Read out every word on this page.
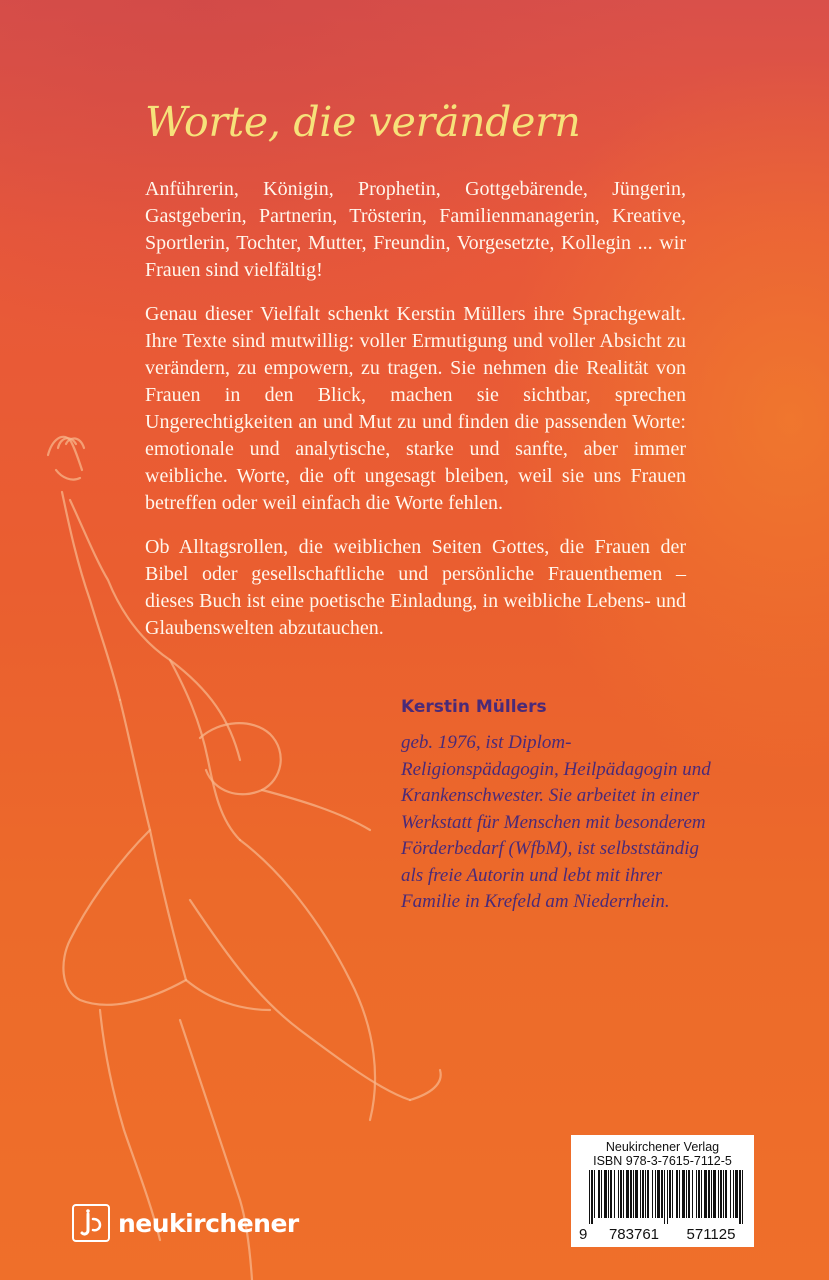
Worte, die verändern

Anführerin, Königin, Prophetin, Gottgebärende, Jüngerin, Gastgeberin, Partnerin, Trösterin, Familienmanagerin, Kreative, Sportlerin, Tochter, Mutter, Freundin, Vorgesetzte, Kollegin ... wir Frauen sind vielfältig!

Genau dieser Vielfalt schenkt Kerstin Müllers ihre Sprachgewalt. Ihre Texte sind mutwillig: voller Ermutigung und voller Absicht zu verändern, zu empowern, zu tragen. Sie nehmen die Realität von Frauen in den Blick, machen sie sichtbar, sprechen Ungerechtigkeiten an und Mut zu und finden die passenden Worte: emotionale und analytische, starke und sanfte, aber immer weibliche. Worte, die oft ungesagt bleiben, weil sie uns Frauen betreffen oder weil einfach die Worte fehlen.

Ob Alltagsrollen, die weiblichen Seiten Gottes, die Frauen der Bibel oder gesellschaftliche und persönliche Frauenthemen – dieses Buch ist eine poetische Einladung, in weibliche Lebens- und Glaubenswelten abzutauchen.

Kerstin Müllers
geb. 1976, ist Diplom-Religionspädagogin, Heilpädagogin und Krankenschwester. Sie arbeitet in einer Werkstatt für Menschen mit besonderem Förderbedarf (WfbM), ist selbstständig als freie Autorin und lebt mit ihrer Familie in Krefeld am Niederrhein.
neukirchener
Neukirchener Verlag
ISBN 978-3-7615-7112-5
9	783761	571125
